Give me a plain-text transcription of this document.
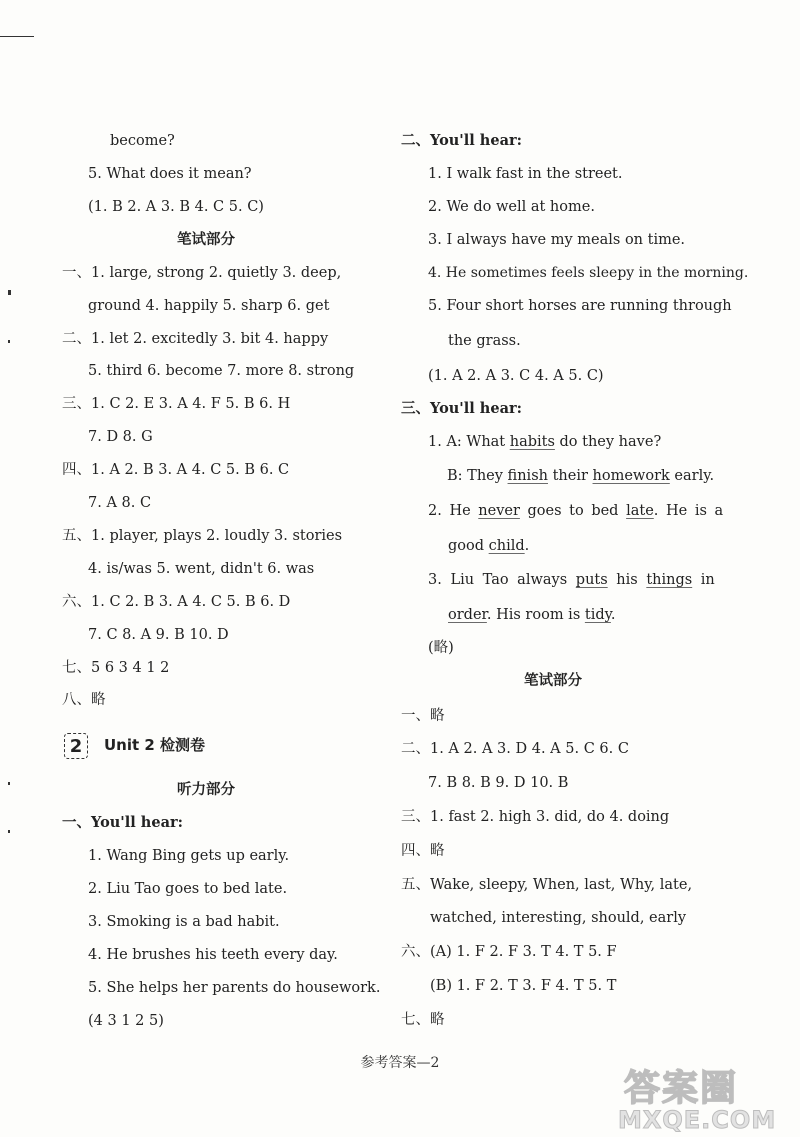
become?
5. What does it mean?
(1. B 2. A 3. B 4. C 5. C)
笔试部分
一、1. large, strong 2. quietly 3. deep,
ground 4. happily 5. sharp 6. get
二、1. let 2. excitedly 3. bit 4. happy
5. third 6. become 7. more 8. strong
三、1. C 2. E 3. A 4. F 5. B 6. H
7. D 8. G
四、1. A 2. B 3. A 4. C 5. B 6. C
7. A 8. C
五、1. player, plays 2. loudly 3. stories
4. is/was 5. went, didn't 6. was
六、1. C 2. B 3. A 4. C 5. B 6. D
7. C 8. A 9. B 10. D
七、5 6 3 4 1 2
八、略
2	Unit 2 检测卷
听力部分
一、You'll hear:
1. Wang Bing gets up early.
2. Liu Tao goes to bed late.
3. Smoking is a bad habit.
4. He brushes his teeth every day.
5. She helps her parents do housework.
(4 3 1 2 5)
二、You'll hear:
1. I walk fast in the street.
2. We do well at home.
3. I always have my meals on time.
4. He sometimes feels sleepy in the morning.
5. Four short horses are running through
the grass.
(1. A 2. A 3. C 4. A 5. C)
三、You'll hear:
1. A: What habits do they have?
B: They finish their homework early.
2. He never goes to bed late. He is a
good child.
3. Liu Tao always puts his things in
order. His room is tidy.
(略)
笔试部分
一、略
二、1. A 2. A 3. D 4. A 5. C 6. C
7. B 8. B 9. D 10. B
三、1. fast 2. high 3. did, do 4. doing
四、略
五、Wake, sleepy, When, last, Why, late,
watched, interesting, should, early
六、(A) 1. F 2. F 3. T 4. T 5. F
(B) 1. F 2. T 3. F 4. T 5. T
七、略
参考答案—2
答案圈
MXQE.COM
